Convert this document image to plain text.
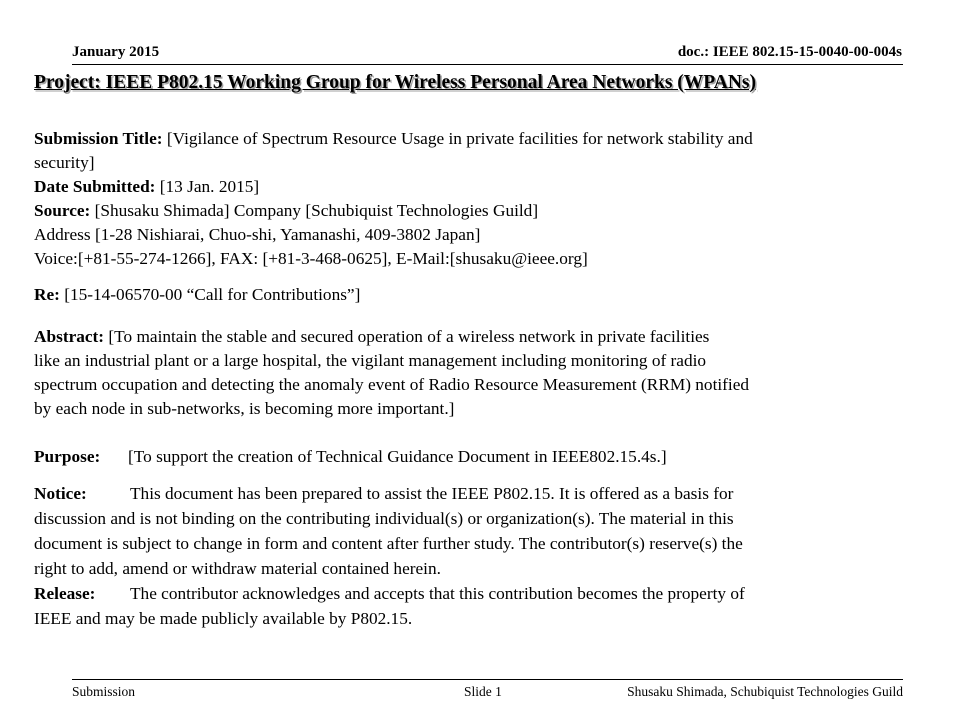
January 2015	doc.: IEEE 802.15-15-0040-00-004s
Project: IEEE P802.15 Working Group for Wireless Personal Area Networks (WPANs)
Submission Title: [Vigilance of Spectrum Resource Usage in private facilities for network stability and
security]
Date Submitted: [13 Jan. 2015]
Source: [Shusaku Shimada] Company [Schubiquist Technologies Guild]
Address [1-28 Nishiarai, Chuo-shi, Yamanashi, 409-3802 Japan]
Voice:[+81-55-274-1266], FAX: [+81-3-468-0625], E-Mail:[shusaku@ieee.org]
Re: [15-14-06570-00 “Call for Contributions”]
Abstract: [To maintain the stable and secured operation of a wireless network in private facilities
like an industrial plant or a large hospital, the vigilant management including monitoring of radio
spectrum occupation and detecting the anomaly event of Radio Resource Measurement (RRM) notified
by each node in sub-networks, is becoming more important.]
Purpose: [To support the creation of Technical Guidance Document in IEEE802.15.4s.]
Notice: This document has been prepared to assist the IEEE P802.15. It is offered as a basis for
discussion and is not binding on the contributing individual(s) or organization(s). The material in this
document is subject to change in form and content after further study. The contributor(s) reserve(s) the
right to add, amend or withdraw material contained herein.
Release: The contributor acknowledges and accepts that this contribution becomes the property of
IEEE and may be made publicly available by P802.15.
Submission	Slide 1	Shusaku Shimada, Schubiquist Technologies Guild
